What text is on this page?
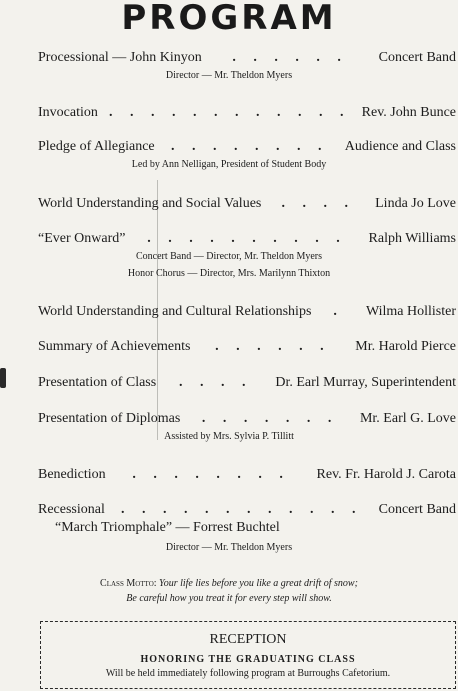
PROGRAM
Processional — John Kinyon	. . . . . .	Concert Band
Director — Mr. Theldon Myers
Invocation . . . . . . . . . . . . Rev. John Bunce
Pledge of Allegiance	. . . . . . . .	Audience and Class
Led by Ann Nelligan, President of Student Body
World Understanding and Social Values	. . . .	Linda Jo Love
“Ever Onward”	. . . . . . . . . .	Ralph Williams
Concert Band — Director, Mr. Theldon Myers
Honor Chorus — Director, Mrs. Marilynn Thixton
World Understanding and Cultural Relationships	.	Wilma Hollister
Summary of Achievements	. . . . . .	Mr. Harold Pierce
Presentation of Class	. . . .	Dr. Earl Murray, Superintendent
Presentation of Diplomas	. . . . . . .	Mr. Earl G. Love
Assisted by Mrs. Sylvia P. Tillitt
Benediction	. . . . . . . .	Rev. Fr. Harold J. Carota
Recessional	. . . . . . . . . . . .	Concert Band
“March Triomphale” — Forrest Buchtel
Director — Mr. Theldon Myers
Class Motto: Your life lies before you like a great drift of snow;
Be careful how you treat it for every step will show.
RECEPTION
HONORING THE GRADUATING CLASS
Will be held immediately following program at Burroughs Cafetorium.
